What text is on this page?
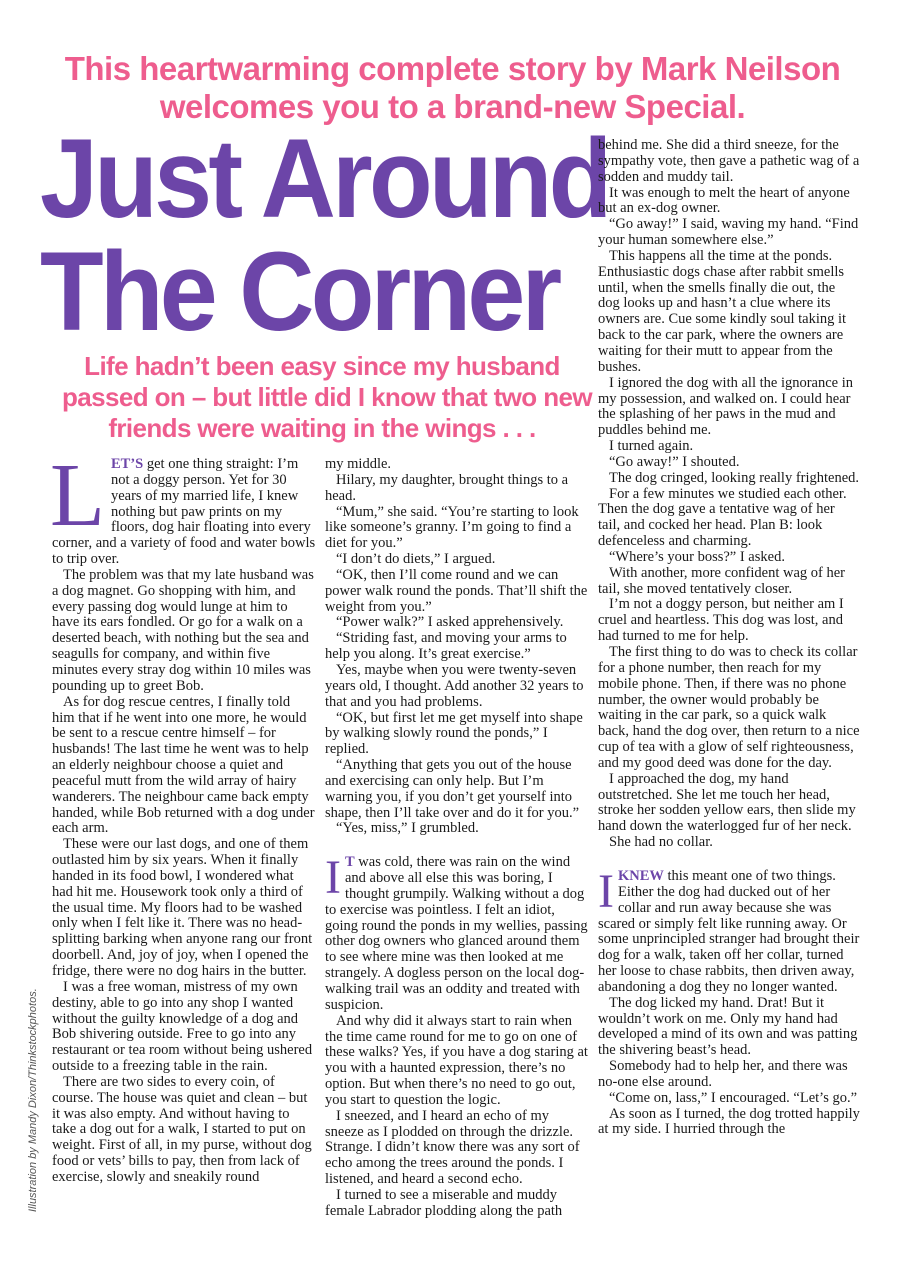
This heartwarming complete story by Mark Neilson
welcomes you to a brand-new Special.
Just Around
The Corner
Life hadn’t been easy since my husband
passed on – but little did I know that two new
friends were waiting in the wings . . .

LET’S get one thing straight: I’m not a doggy person. Yet for 30 years of my married life, I knew nothing but paw prints on my floors, dog hair floating into every corner, and a variety of food and water bowls to trip over.

The problem was that my late husband was a dog magnet. Go shopping with him, and every passing dog would lunge at him to have its ears fondled. Or go for a walk on a deserted beach, with nothing but the sea and seagulls for company, and within five minutes every stray dog within 10 miles was pounding up to greet Bob.

As for dog rescue centres, I finally told him that if he went into one more, he would be sent to a rescue centre himself – for husbands! The last time he went was to help an elderly neighbour choose a quiet and peaceful mutt from the wild array of hairy wanderers. The neighbour came back empty handed, while Bob returned with a dog under each arm.

These were our last dogs, and one of them outlasted him by six years. When it finally handed in its food bowl, I wondered what had hit me. Housework took only a third of the usual time. My floors had to be washed only when I felt like it. There was no head-splitting barking when anyone rang our front doorbell. And, joy of joy, when I opened the fridge, there were no dog hairs in the butter.

I was a free woman, mistress of my own destiny, able to go into any shop I wanted without the guilty knowledge of a dog and Bob shivering outside. Free to go into any restaurant or tea room without being ushered outside to a freezing table in the rain.

There are two sides to every coin, of course. The house was quiet and clean – but it was also empty. And without having to take a dog out for a walk, I started to put on weight. First of all, in my purse, without dog food or vets’ bills to pay, then from lack of exercise, slowly and sneakily round

my middle.

Hilary, my daughter, brought things to a head.

“Mum,” she said. “You’re starting to look like someone’s granny. I’m going to find a diet for you.”

“I don’t do diets,” I argued.

“OK, then I’ll come round and we can power walk round the ponds. That’ll shift the weight from you.”

“Power walk?” I asked apprehensively.

“Striding fast, and moving your arms to help you along. It’s great exercise.”

Yes, maybe when you were twenty-seven years old, I thought. Add another 32 years to that and you had problems.

“OK, but first let me get myself into shape by walking slowly round the ponds,” I replied.

“Anything that gets you out of the house and exercising can only help. But I’m warning you, if you don’t get yourself into shape, then I’ll take over and do it for you.”

“Yes, miss,” I grumbled.

I T was cold, there was rain on the wind and above all else this was boring, I thought grumpily. Walking without a dog to exercise was pointless. I felt an idiot, going round the ponds in my wellies, passing other dog owners who glanced around them to see where mine was then looked at me strangely. A dogless person on the local dog-walking trail was an oddity and treated with suspicion.

And why did it always start to rain when the time came round for me to go on one of these walks? Yes, if you have a dog staring at you with a haunted expression, there’s no option. But when there’s no need to go out, you start to question the logic.

I sneezed, and I heard an echo of my sneeze as I plodded on through the drizzle. Strange. I didn’t know there was any sort of echo among the trees around the ponds. I listened, and heard a second echo.

I turned to see a miserable and muddy female Labrador plodding along the path

behind me. She did a third sneeze, for the sympathy vote, then gave a pathetic wag of a sodden and muddy tail.

It was enough to melt the heart of anyone but an ex-dog owner.

“Go away!” I said, waving my hand. “Find your human somewhere else.”

This happens all the time at the ponds. Enthusiastic dogs chase after rabbit smells until, when the smells finally die out, the dog looks up and hasn’t a clue where its owners are. Cue some kindly soul taking it back to the car park, where the owners are waiting for their mutt to appear from the bushes.

I ignored the dog with all the ignorance in my possession, and walked on. I could hear the splashing of her paws in the mud and puddles behind me.

I turned again.

“Go away!” I shouted.

The dog cringed, looking really frightened.

For a few minutes we studied each other. Then the dog gave a tentative wag of her tail, and cocked her head. Plan B: look defenceless and charming.

“Where’s your boss?” I asked.

With another, more confident wag of her tail, she moved tentatively closer.

I’m not a doggy person, but neither am I cruel and heartless. This dog was lost, and had turned to me for help.

The first thing to do was to check its collar for a phone number, then reach for my mobile phone. Then, if there was no phone number, the owner would probably be waiting in the car park, so a quick walk back, hand the dog over, then return to a nice cup of tea with a glow of self righteousness, and my good deed was done for the day.

I approached the dog, my hand outstretched. She let me touch her head, stroke her sodden yellow ears, then slide my hand down the waterlogged fur of her neck.

She had no collar.

IKNEW this meant one of two things. Either the dog had ducked out of her collar and run away because she was scared or simply felt like running away. Or some unprincipled stranger had brought their dog for a walk, taken off her collar, turned her loose to chase rabbits, then driven away, abandoning a dog they no longer wanted.

The dog licked my hand. Drat! But it wouldn’t work on me. Only my hand had developed a mind of its own and was patting the shivering beast’s head.

Somebody had to help her, and there was no-one else around.

“Come on, lass,” I encouraged. “Let’s go.”

As soon as I turned, the dog trotted happily at my side. I hurried through the

Illustration by Mandy Dixon/Thinkstockphotos.
